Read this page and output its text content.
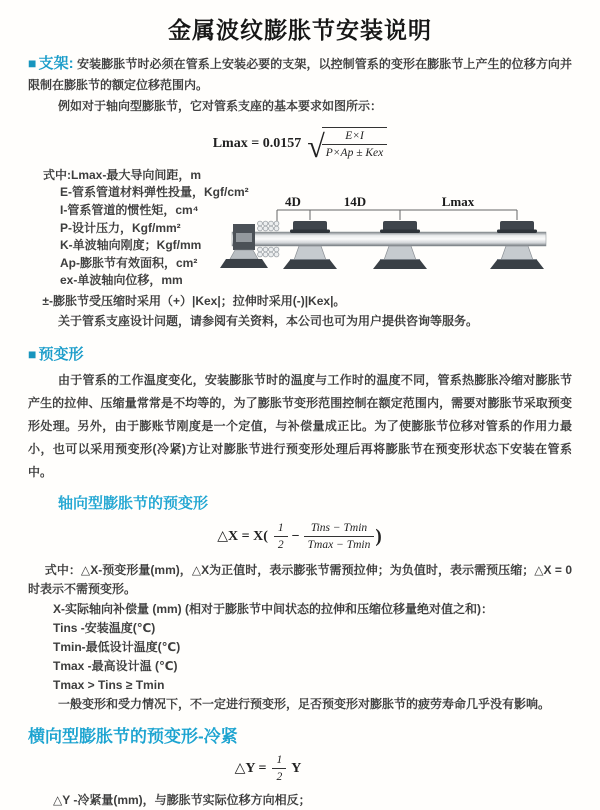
金属波纹膨胀节安装说明

■ 支架: 安装膨胀节时必须在管系上安装必要的支架，以控制管系的变形在膨胀节上产生的位移方向并限制在膨胀节的额定位移范围内。

例如对于轴向型膨胀节，它对管系支座的基本要求如图所示：

Lmax = 0.0157 √
$\frac{E\times I}{\text{P×Ap ± Kex}}$
式中:Lmax-最大导向间距，m
E-管系管道材料弹性投量，Kgf/cm²
I-管系管道的惯性矩，cm⁴
P-设计压力，Kgf/mm²
K-单波轴向刚度；Kgf/mm
Ap-膨胀节有效面积，cm²
ex-单波轴向位移，mm
4D	14D	Lmax

±-膨胀节受压缩时采用（+）|Kex|；拉伸时采用(-)|Kex|。

关于管系支座设计问题，请参阅有关资料，本公司也可为用户提供咨询等服务。

■ 预变形

由于管系的工作温度变化，安装膨胀节时的温度与工作时的温度不同，管系热膨胀冷缩对膨胀节产生的拉伸、压缩量常常是不均等的，为了膨胀节变形范围控制在额定范围内，需要对膨胀节采取预变形处理。另外，由于膨账节刚度是一个定值，与补偿量成正比。为了使膨胀节位移对管系的作用力最小，也可以采用预变形(冷紧)方让对膨胀节进行预变形处理后再将膨胀节在预变形状态下安装在管系中。

轴向型膨胀节的预变形
△X = $X( \frac{1}{2} - \frac{\text{Tins − Tmin}}{Tmax - Tmin}$ )

式中：△X-预变形量(mm)，△X为正值时，表示膨张节需预拉伸；为负值时，表示需预压缩；△X = 0时表示不需预变形。

X-实际轴向补偿量 (mm) (相对于膨胀节中间状态的拉伸和压缩位移量绝对值之和)：

Tins -安装温度(℃)

Tmin-最低设计温度(℃)

Tmax -最高设计温 (℃)

Tmax > Tins ≥ Tmin

一般变形和受力情况下，不一定进行预变形，足否预变形对膨胀节的疲劳寿命几乎没有影响。

横向型膨胀节的预变形-冷紧
△Y = $\frac{1}{2}$ Y

△Y -冷紧量(mm)，与膨胀节实际位移方向相反；
